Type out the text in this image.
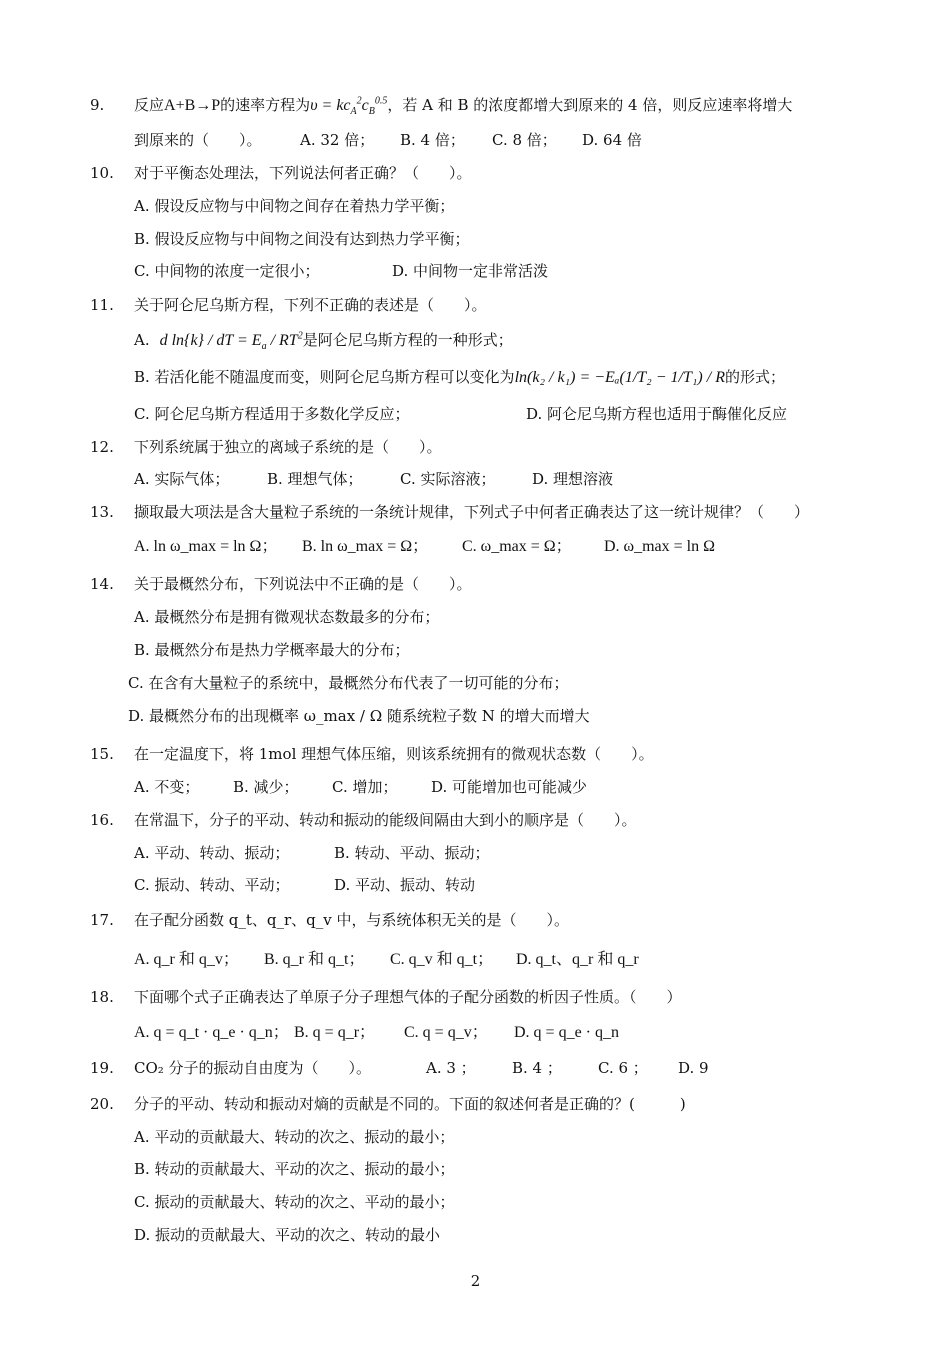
9. 反应A+B→P的速率方程为$\upsilon = kc_A^2c_B^{0.5}$，若 A 和 B 的浓度都增大到原来的 4 倍，则反应速率将增大
到原来的（　　）。	A. 32 倍； B. 4 倍； C. 8 倍； D. 64 倍
10. 对于平衡态处理法，下列说法何者正确？（　　）。
A. 假设反应物与中间物之间存在着热力学平衡；
B. 假设反应物与中间物之间没有达到热力学平衡；
C. 中间物的浓度一定很小；	D. 中间物一定非常活泼
11. 关于阿仑尼乌斯方程，下列不正确的表述是（　　）。
A. d ln{k} / dT = $E_a / RT^2$是阿仑尼乌斯方程的一种形式；
B. 若活化能不随温度而变，则阿仑尼乌斯方程可以变化为ln(k₂ / k₁) = −Eₐ(1/T₂ − 1/T₁) / R的形式；
C. 阿仑尼乌斯方程适用于多数化学反应；	D. 阿仑尼乌斯方程也适用于酶催化反应
12. 下列系统属于独立的离域子系统的是（　　）。
A. 实际气体；	B. 理想气体； C. 实际溶液； D. 理想溶液
13. 撷取最大项法是含大量粒子系统的一条统计规律，下列式子中何者正确表达了这一统计规律？（　　）
A. ln ω_max = ln Ω； B. ln ω_max = Ω； C. ω_max = Ω； D. ω_max = ln Ω
14. 关于最概然分布，下列说法中不正确的是（　　）。
A. 最概然分布是拥有微观状态数最多的分布；
B. 最概然分布是热力学概率最大的分布；
C. 在含有大量粒子的系统中，最概然分布代表了一切可能的分布；
D. 最概然分布的出现概率 ω_max / Ω 随系统粒子数 N 的增大而增大
15. 在一定温度下，将 1mol 理想气体压缩，则该系统拥有的微观状态数（　　）。
A. 不变； B. 减少； C. 增加； D. 可能增加也可能减少
16. 在常温下，分子的平动、转动和振动的能级间隔由大到小的顺序是（　　）。
A. 平动、转动、振动；	B. 转动、平动、振动；
C. 振动、转动、平动；	D. 平动、振动、转动
17. 在子配分函数 q_t、q_r、q_v 中，与系统体积无关的是（　　）。
A. q_r 和 q_v； B. q_r 和 q_t； C. q_v 和 q_t； D. q_t、q_r 和 q_r
18. 下面哪个式子正确表达了单原子分子理想气体的子配分函数的析因子性质。（　　）
A. q = q_t · q_e · q_n； B. q = q_r； C. q = q_v； D. q = q_e · q_n
19. CO₂ 分子的振动自由度为（　　）。	A. 3 ； B. 4 ； C. 6 ； D. 9
20. 分子的平动、转动和振动对熵的贡献是不同的。下面的叙述何者是正确的？(　　　)
A. 平动的贡献最大、转动的次之、振动的最小；
B. 转动的贡献最大、平动的次之、振动的最小；
C. 振动的贡献最大、转动的次之、平动的最小；
D. 振动的贡献最大、平动的次之、转动的最小
2
